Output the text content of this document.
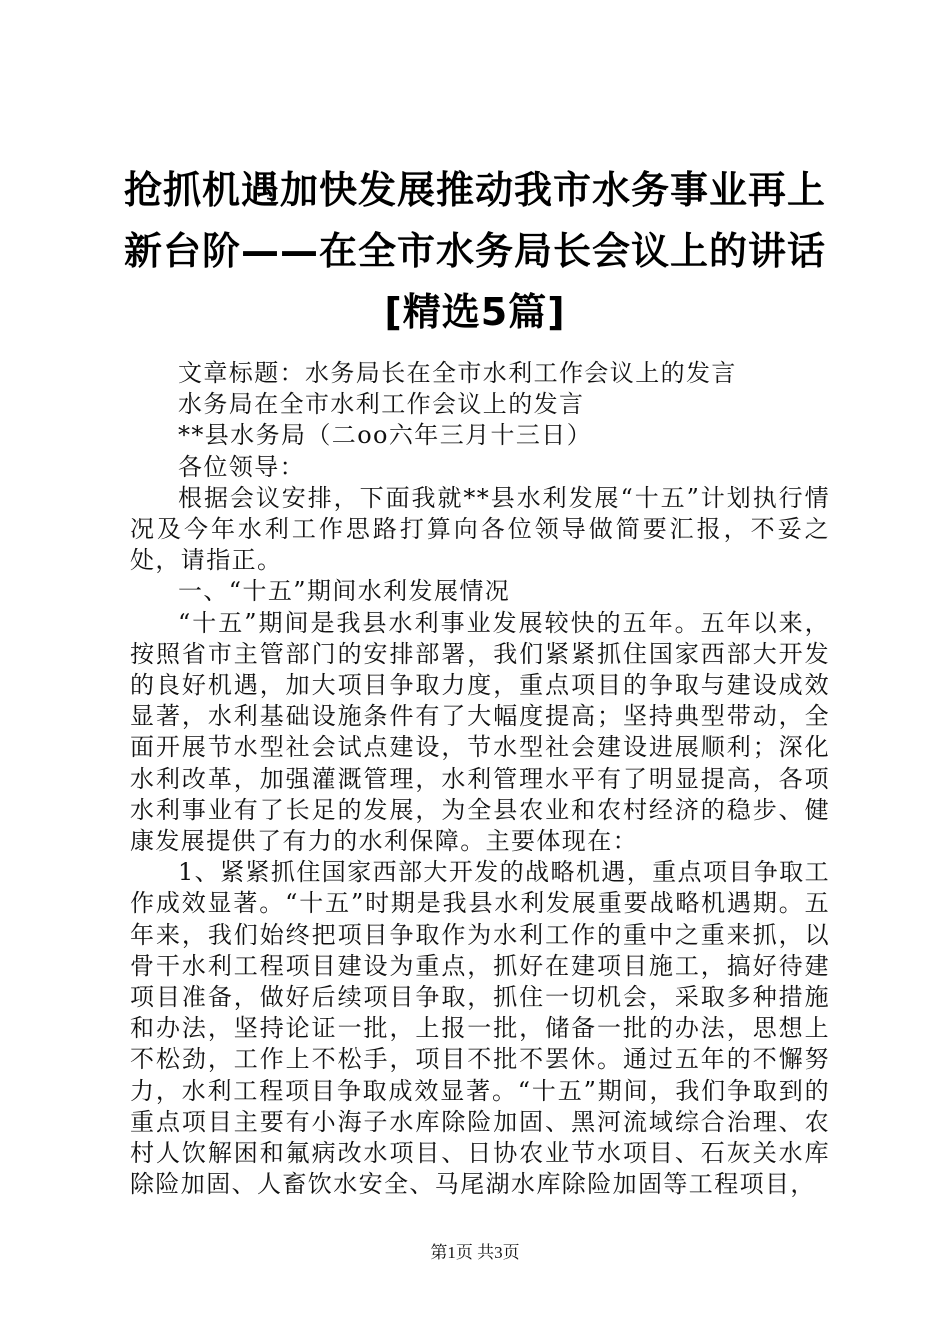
抢抓机遇加快发展推动我市水务事业再上新台阶——在全市水务局长会议上的讲话[精选5篇]

文章标题：水务局长在全市水利工作会议上的发言

水务局在全市水利工作会议上的发言

**县水务局（二oo六年三月十三日）

各位领导：

根据会议安排，下面我就**县水利发展“十五”计划执行情况及今年水利工作思路打算向各位领导做简要汇报，不妥之处，请指正。

一、“十五”期间水利发展情况

“十五”期间是我县水利事业发展较快的五年。五年以来，按照省市主管部门的安排部署，我们紧紧抓住国家西部大开发的良好机遇，加大项目争取力度，重点项目的争取与建设成效显著，水利基础设施条件有了大幅度提高；坚持典型带动，全面开展节水型社会试点建设，节水型社会建设进展顺利；深化水利改革，加强灌溉管理，水利管理水平有了明显提高，各项水利事业有了长足的发展，为全县农业和农村经济的稳步、健康发展提供了有力的水利保障。主要体现在：

1、紧紧抓住国家西部大开发的战略机遇，重点项目争取工作成效显著。“十五”时期是我县水利发展重要战略机遇期。五年来，我们始终把项目争取作为水利工作的重中之重来抓，以骨干水利工程项目建设为重点，抓好在建项目施工，搞好待建项目准备，做好后续项目争取，抓住一切机会，采取多种措施和办法，坚持论证一批，上报一批，储备一批的办法，思想上不松劲，工作上不松手，项目不批不罢休。通过五年的不懈努力，水利工程项目争取成效显著。“十五”期间，我们争取到的重点项目主要有小海子水库除险加固、黑河流域综合治理、农村人饮解困和氟病改水项目、日协农业节水项目、石灰关水库除险加固、人畜饮水安全、马尾湖水库除险加固等工程项目，

第1页 共3页
